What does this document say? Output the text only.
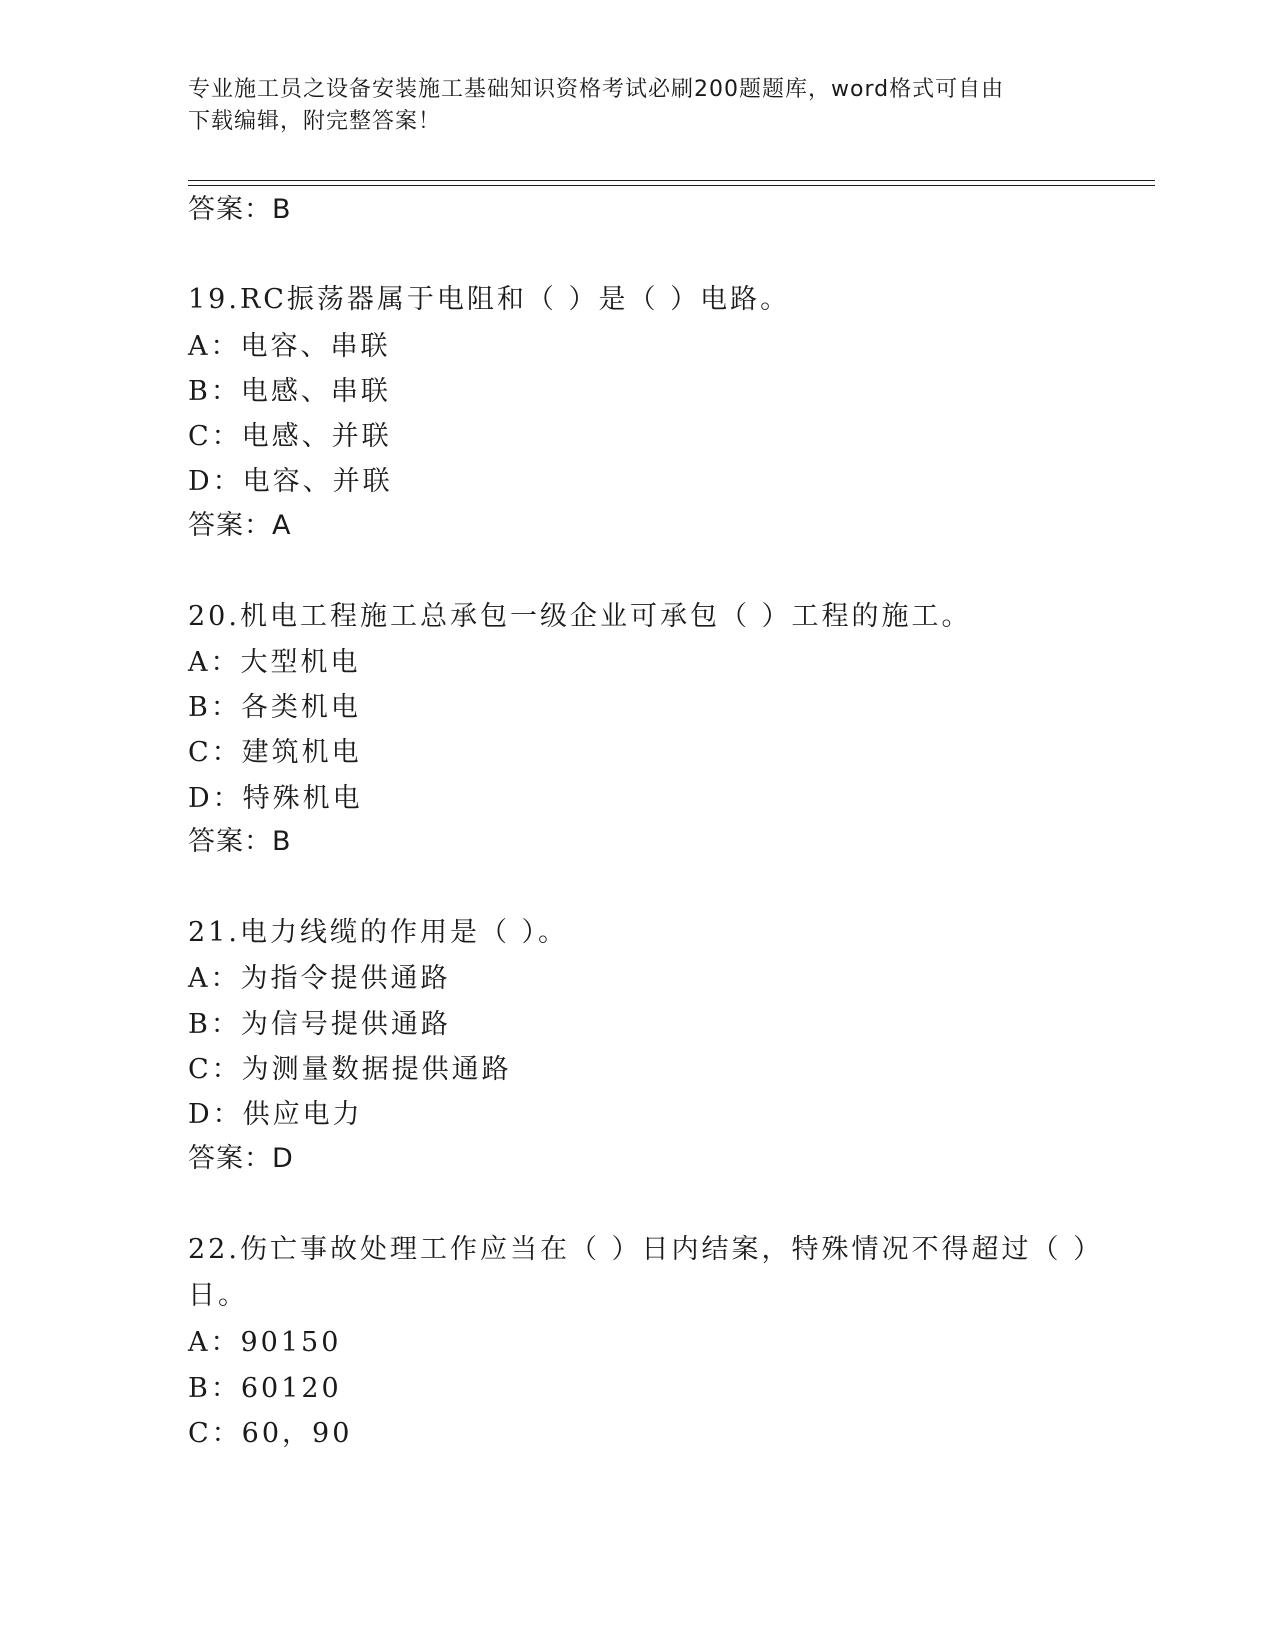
专业施工员之设备安装施工基础知识资格考试必刷200题题库，word格式可自由
下载编辑，附完整答案！
答案：B
19.RC振荡器属于电阻和（ ）是（ ）电路。
A：电容、串联
B：电感、串联
C：电感、并联
D：电容、并联
答案：A
20.机电工程施工总承包一级企业可承包（ ）工程的施工。
A：大型机电
B：各类机电
C：建筑机电
D：特殊机电
答案：B
21.电力线缆的作用是（ ）。
A：为指令提供通路
B：为信号提供通路
C：为测量数据提供通路
D：供应电力
答案：D
22.伤亡事故处理工作应当在（ ）日内结案，特殊情况不得超过（ ）
日。
A：90150
B：60120
C：60，90
